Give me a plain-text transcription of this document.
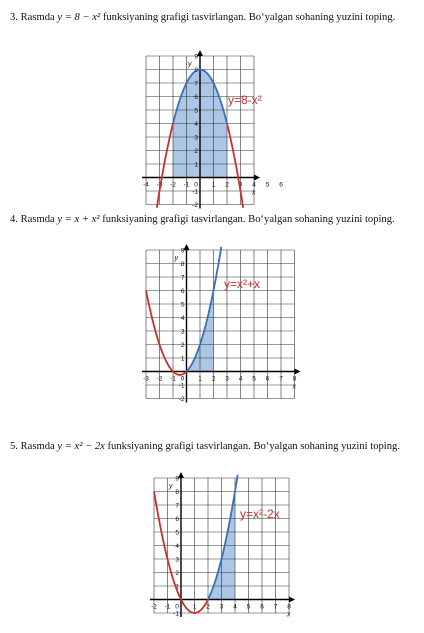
3. Rasmda y = 8 − x² funksiyaning grafigi tasvirlangan. Bo‘yalgan sohaning yuzini toping.
-4 -3 -2 -1 0 1 2 3 4 5 6
1
2
3
4
5
6
7
8
9
-1
-2
x
y
y=8-x²
4. Rasmda y = x + x² funksiyaning grafigi tasvirlangan. Bo‘yalgan sohaning yuzini toping.
-3 -2 -1 0 1 2 3 4 5 6 7 8
1
2
3
4
5
6
7
8
9
-1
-2
x
y
y=x²+x
5. Rasmda y = x² − 2x funksiyaning grafigi tasvirlangan. Bo‘yalgan sohaning yuzini toping.
-2 -1 0 1 2 3 4 5 6 7 8
1
2
3
4
5
6
7
8
9
-1	x
y
y=x²-2x
